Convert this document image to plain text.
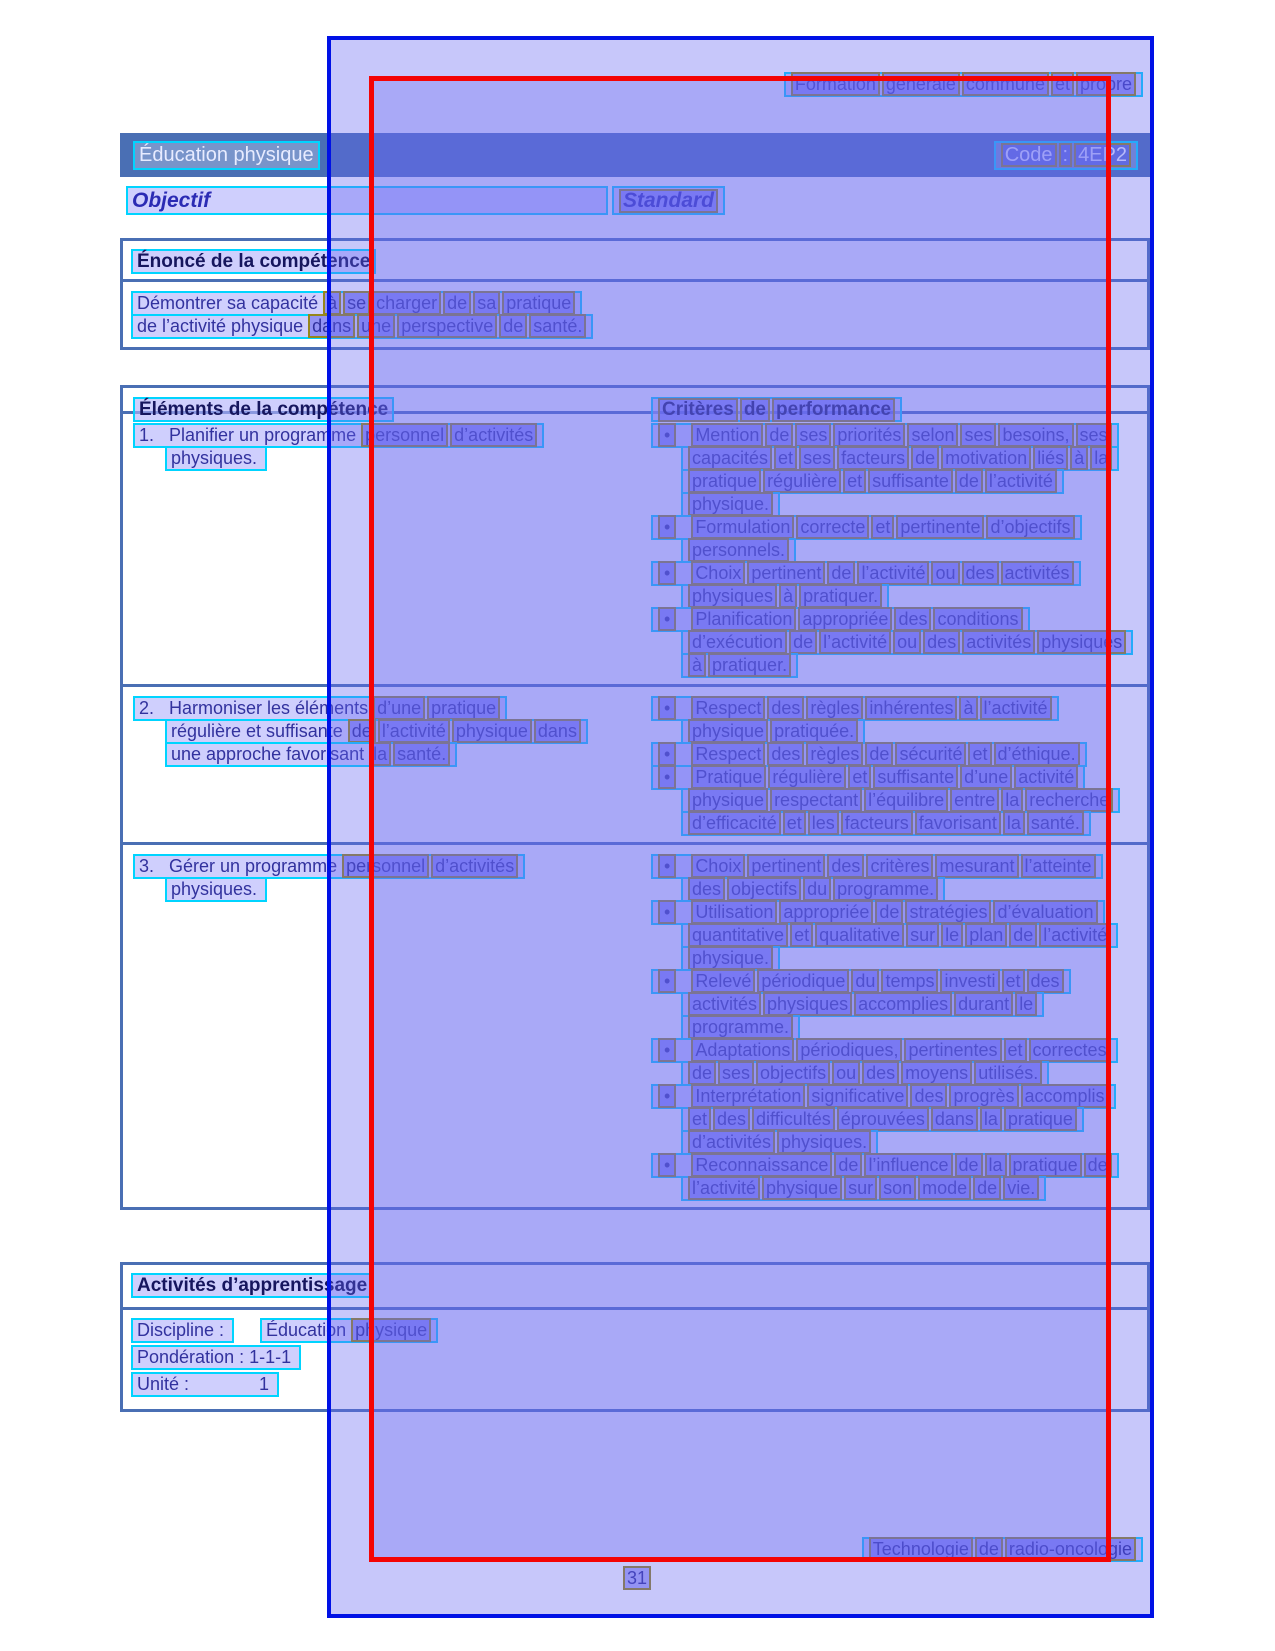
Formation générale commune et propre
Éducation physique	Code : 4EP2
Objectif	Standard
Énoncé de la compétence
Démontrer sa capacité à se charger de sa pratique
de l’activité physique dans une perspective de santé.
Éléments de la compétence	Critères de performance
1.   Planifier un programme personnel d’activités
physiques.
• Mention de ses priorités selon ses besoins, ses
capacités et ses facteurs de motivation liés à la
pratique régulière et suffisante de l’activité
physique.
• Formulation correcte et pertinente d’objectifs
personnels.
• Choix pertinent de l’activité ou des activités
physiques à pratiquer.
• Planification appropriée des conditions
d’exécution de l’activité ou des activités physiques
à pratiquer.
2.   Harmoniser les éléments d’une pratique
régulière et suffisante de l’activité physique dans
une approche favorisant la santé.
• Respect des règles inhérentes à l’activité
physique pratiquée.
• Respect des règles de sécurité et d’éthique.
• Pratique régulière et suffisante d’une activité
physique respectant l’équilibre entre la recherche
d’efficacité et les facteurs favorisant la santé.
3.   Gérer un programme personnel d’activités
physiques.
• Choix pertinent des critères mesurant l’atteinte
des objectifs du programme.
• Utilisation appropriée de stratégies d’évaluation
quantitative et qualitative sur le plan de l’activité
physique.
• Relevé périodique du temps investi et des
activités physiques accomplies durant le
programme.
• Adaptations périodiques, pertinentes et correctes
de ses objectifs ou des moyens utilisés.
• Interprétation significative des progrès accomplis
et des difficultés éprouvées dans la pratique
d’activités physiques.
• Reconnaissance de l’influence de la pratique de
l’activité physique sur son mode de vie.
Activités d’apprentissage
Discipline : Éducation physique
Pondération : 1-1-1
Unité :              1
Technologie de radio-oncologie
31
